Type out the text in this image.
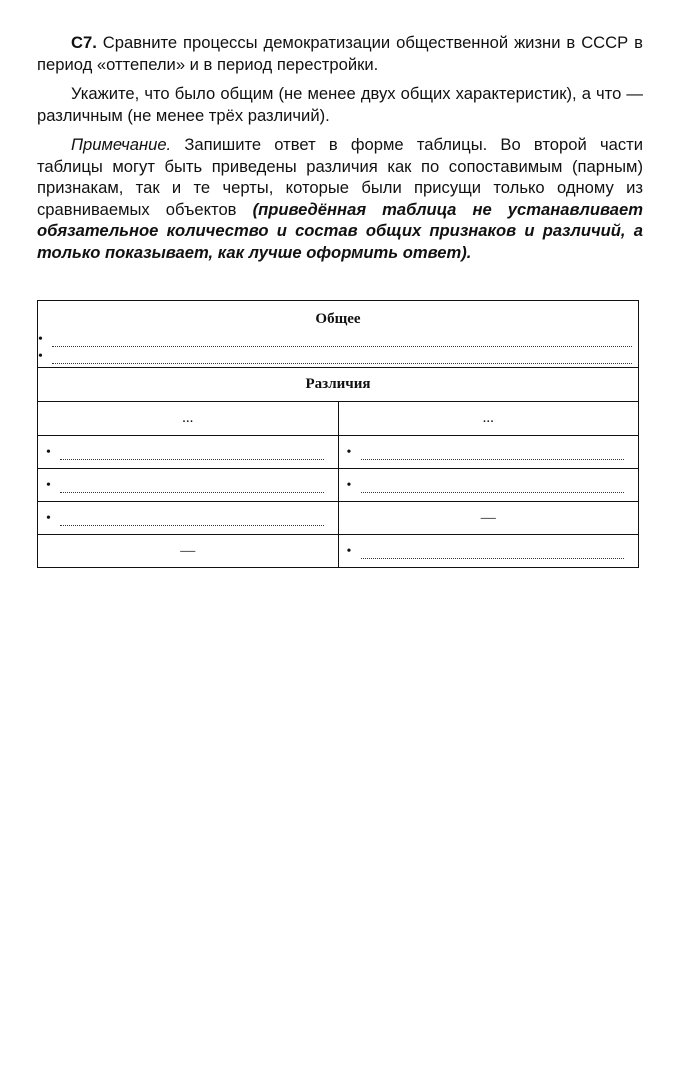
С7. Сравните процессы демократизации общественной жизни в СССР в период «оттепели» и в период перестройки.

Укажите, что было общим (не менее двух общих характеристик), а что — различным (не менее трёх различий).

Примечание. Запишите ответ в форме таблицы. Во второй части таблицы могут быть приведены различия как по сопоставимым (парным) признакам, так и те черты, которые были присущи только одному из сравниваемых объектов (приведённая таблица не устанавливает обязательное количество и состав общих признаков и различий, а только показывает, как лучше оформить ответ).

Общее
•
•	

Различия	
...	...

•	•

•	•

•	—
—	•
